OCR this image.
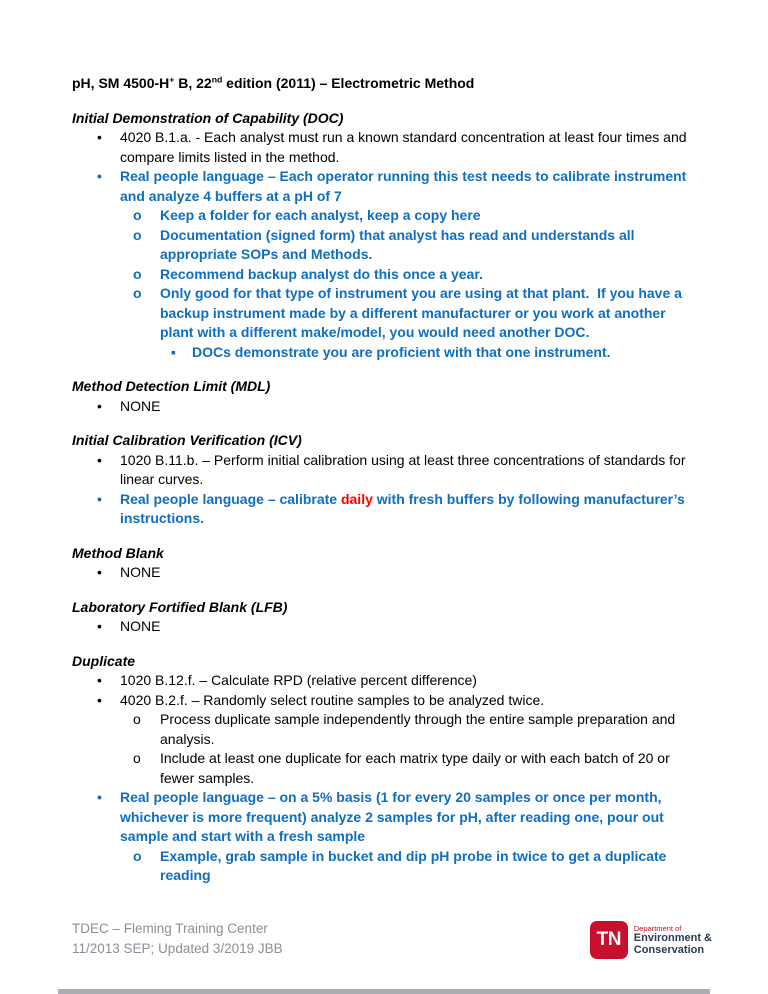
pH, SM 4500-H+ B, 22nd edition (2011) – Electrometric Method
Initial Demonstration of Capability (DOC)
•	4020 B.1.a. - Each analyst must run a known standard concentration at least four times and compare limits listed in the method.
•	Real people language – Each operator running this test needs to calibrate instrument and analyze 4 buffers at a pH of 7
o	Keep a folder for each analyst, keep a copy here
o	Documentation (signed form) that analyst has read and understands all appropriate SOPs and Methods.
o	Recommend backup analyst do this once a year.
o	Only good for that type of instrument you are using at that plant.  If you have a backup instrument made by a different manufacturer or you work at another plant with a different make/model, you would need another DOC.
▪	DOCs demonstrate you are proficient with that one instrument.
Method Detection Limit (MDL)
•	NONE
Initial Calibration Verification (ICV)
•	1020 B.11.b. – Perform initial calibration using at least three concentrations of standards for linear curves.
•	Real people language – calibrate daily with fresh buffers by following manufacturer’s instructions.
Method Blank
•	NONE
Laboratory Fortified Blank (LFB)
•	NONE
Duplicate
•	1020 B.12.f. – Calculate RPD (relative percent difference)
•	4020 B.2.f. – Randomly select routine samples to be analyzed twice.
o	Process duplicate sample independently through the entire sample preparation and analysis.
o	Include at least one duplicate for each matrix type daily or with each batch of 20 or fewer samples.
•	Real people language – on a 5% basis (1 for every 20 samples or once per month, whichever is more frequent) analyze 2 samples for pH, after reading one, pour out sample and start with a fresh sample
o	Example, grab sample in bucket and dip pH probe in twice to get a duplicate reading
TDEC – Fleming Training Center
11/2013 SEP; Updated 3/2019 JBB	TN
Department of
Environment &
Conservation
